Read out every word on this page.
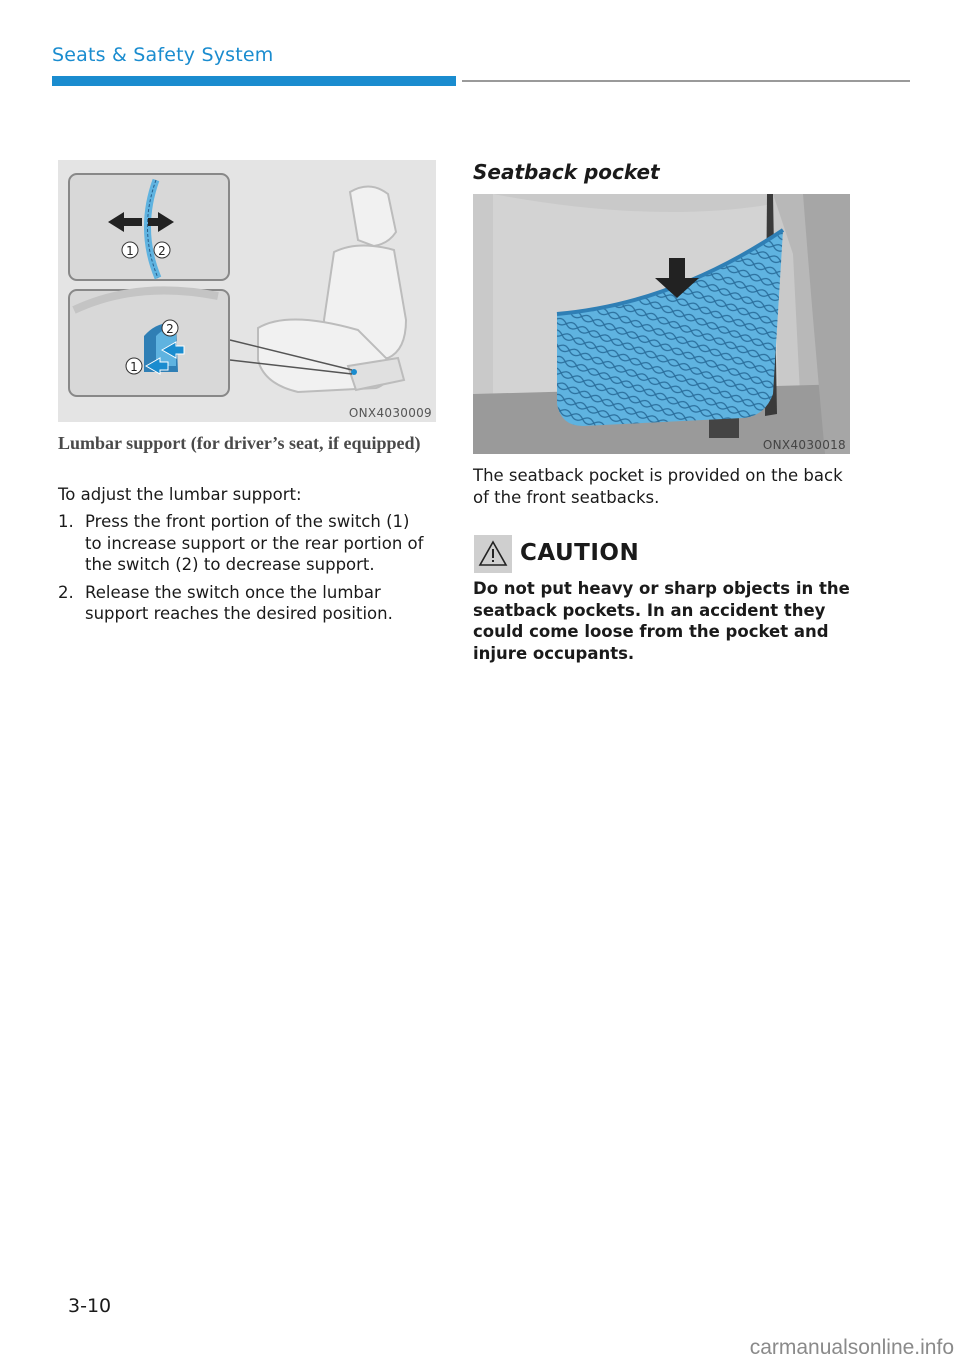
Seats & Safety System
1 2
2
1
ONX4030009
Lumbar support (for driver’s seat, if equipped)
To adjust the lumbar support:
1. Press the front portion of the switch (1) to increase support or the rear portion of the switch (2) to decrease support.
2. Release the switch once the lumbar support reaches the desired position.
Seatback pocket
ONX4030018
The seatback pocket is provided on the back of the front seatbacks.
CAUTION
Do not put heavy or sharp objects in the seatback pockets. In an accident they could come loose from the pocket and injure occupants.
3-10
carmanualsonline.info
